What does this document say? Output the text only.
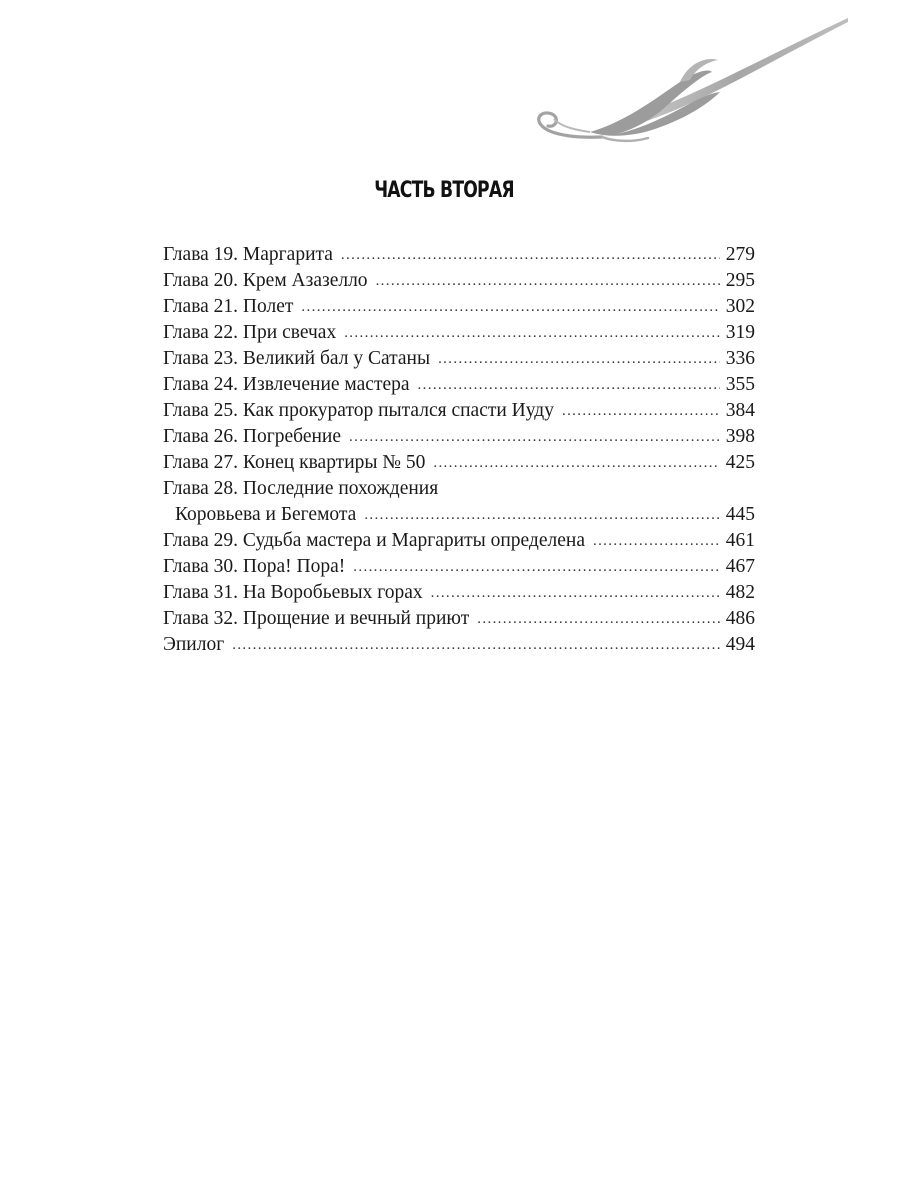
ЧАСТЬ ВТОРАЯ
Глава 19. Маргарита . . .	279
Глава 20. Крем Азазелло . . .	295
Глава 21. Полет . . .	302
Глава 22. При свечах . . .	319
Глава 23. Великий бал у Сатаны . . .	336
Глава 24. Извлечение мастера . . .	355
Глава 25. Как прокуратор пытался спасти Иуду . . .	384
Глава 26. Погребение . . .	398
Глава 27. Конец квартиры № 50 . . .	425
Глава 28. Последние похождения
Коровьева и Бегемота . . .	445
Глава 29. Судьба мастера и Маргариты определена . . .	461
Глава 30. Пора! Пора! . . .	467
Глава 31. На Воробьевых горах . . .	482
Глава 32. Прощение и вечный приют . . .	486
Эпилог . . .	494
